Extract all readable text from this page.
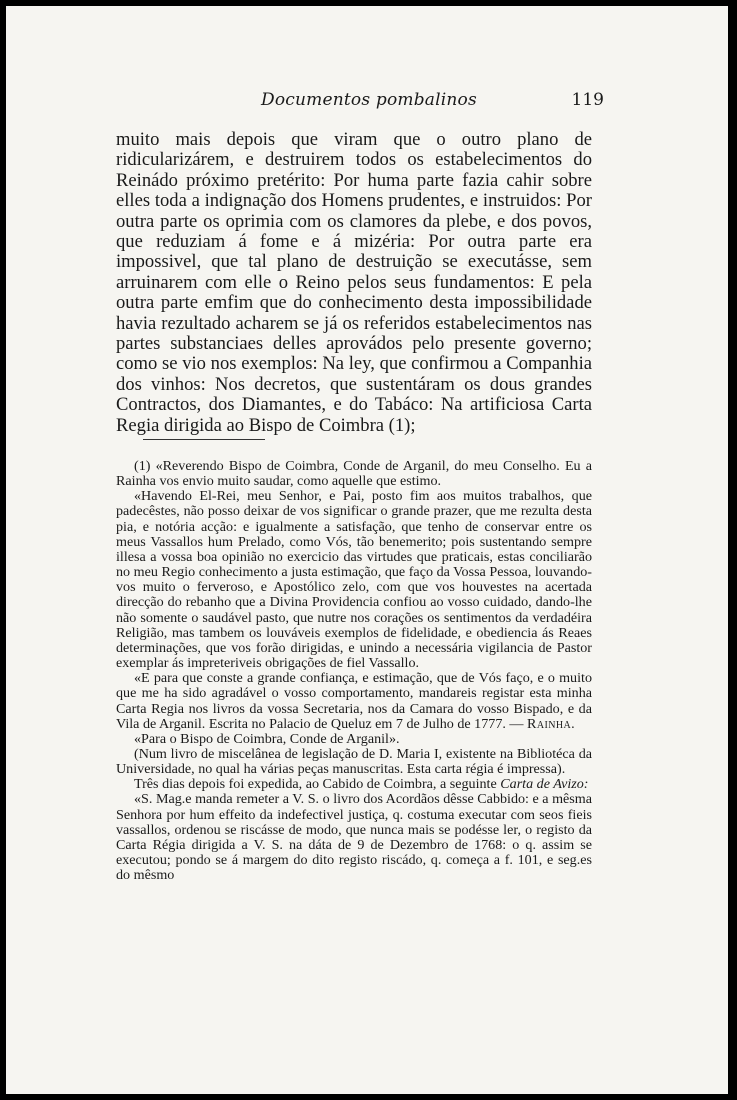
Documentos pombalinos	119

muito mais depois que viram que o outro plano de ridicularizárem, e destruirem todos os estabelecimentos do Reinádo próximo pretérito: Por huma parte fazia cahir sobre elles toda a indignação dos Homens prudentes, e instruidos: Por outra parte os oprimia com os clamores da plebe, e dos povos, que reduziam á fome e á mizéria: Por outra parte era impossivel, que tal plano de destruição se executásse, sem arruinarem com elle o Reino pelos seus fundamentos: E pela outra parte emfim que do conhecimento desta impossibilidade havia rezultado acharem se já os referidos estabelecimentos nas partes substanciaes delles aprovádos pelo presente governo; como se vio nos exemplos: Na ley, que confirmou a Companhia dos vinhos: Nos decretos, que sustentáram os dous grandes Contractos, dos Diamantes, e do Tabáco: Na artificiosa Carta Regia dirigida ao Bispo de Coimbra (1);

(1) «Reverendo Bispo de Coimbra, Conde de Arganil, do meu Conselho. Eu a Rainha vos envio muito saudar, como aquelle que estimo.

«Havendo El-Rei, meu Senhor, e Pai, posto fim aos muitos trabalhos, que padecêstes, não posso deixar de vos significar o grande prazer, que me rezulta desta pia, e notória acção: e igualmente a satisfação, que tenho de conservar entre os meus Vassallos hum Prelado, como Vós, tão benemerito; pois sustentando sempre illesa a vossa boa opinião no exercicio das virtudes que praticais, estas conciliarão no meu Regio conhecimento a justa estimação, que faço da Vossa Pessoa, louvando-vos muito o ferveroso, e Apostólico zelo, com que vos houvestes na acertada direcção do rebanho que a Divina Providencia confiou ao vosso cuidado, dando-lhe não somente o saudável pasto, que nutre nos corações os sentimentos da verdadéira Religião, mas tambem os louváveis exemplos de fidelidade, e obediencia ás Reaes determinações, que vos forão dirigidas, e unindo a necessária vigilancia de Pastor exemplar ás impreteriveis obrigações de fiel Vassallo.

«E para que conste a grande confiança, e estimação, que de Vós faço, e o muito que me ha sido agradável o vosso comportamento, mandareis registar esta minha Carta Regia nos livros da vossa Secretaria, nos da Camara do vosso Bispado, e da Vila de Arganil. Escrita no Palacio de Queluz em 7 de Julho de 1777. — Rainha.

«Para o Bispo de Coimbra, Conde de Arganil».

(Num livro de miscelânea de legislação de D. Maria I, existente na Bibliotéca da Universidade, no qual ha várias peças manuscritas. Esta carta régia é impressa).

Três dias depois foi expedida, ao Cabido de Coimbra, a seguinte Carta de Avizo:

«S. Mag.e manda remeter a V. S. o livro dos Acordãos dêsse Cabbido: e a mêsma Senhora por hum effeito da indefectivel justiça, q. costuma executar com seos fieis vassallos, ordenou se riscásse de modo, que nunca mais se podésse ler, o registo da Carta Régia dirigida a V. S. na dáta de 9 de Dezembro de 1768: o q. assim se executou; pondo se á margem do dito registo riscádo, q. começa a f. 101, e seg.es do mêsmo
